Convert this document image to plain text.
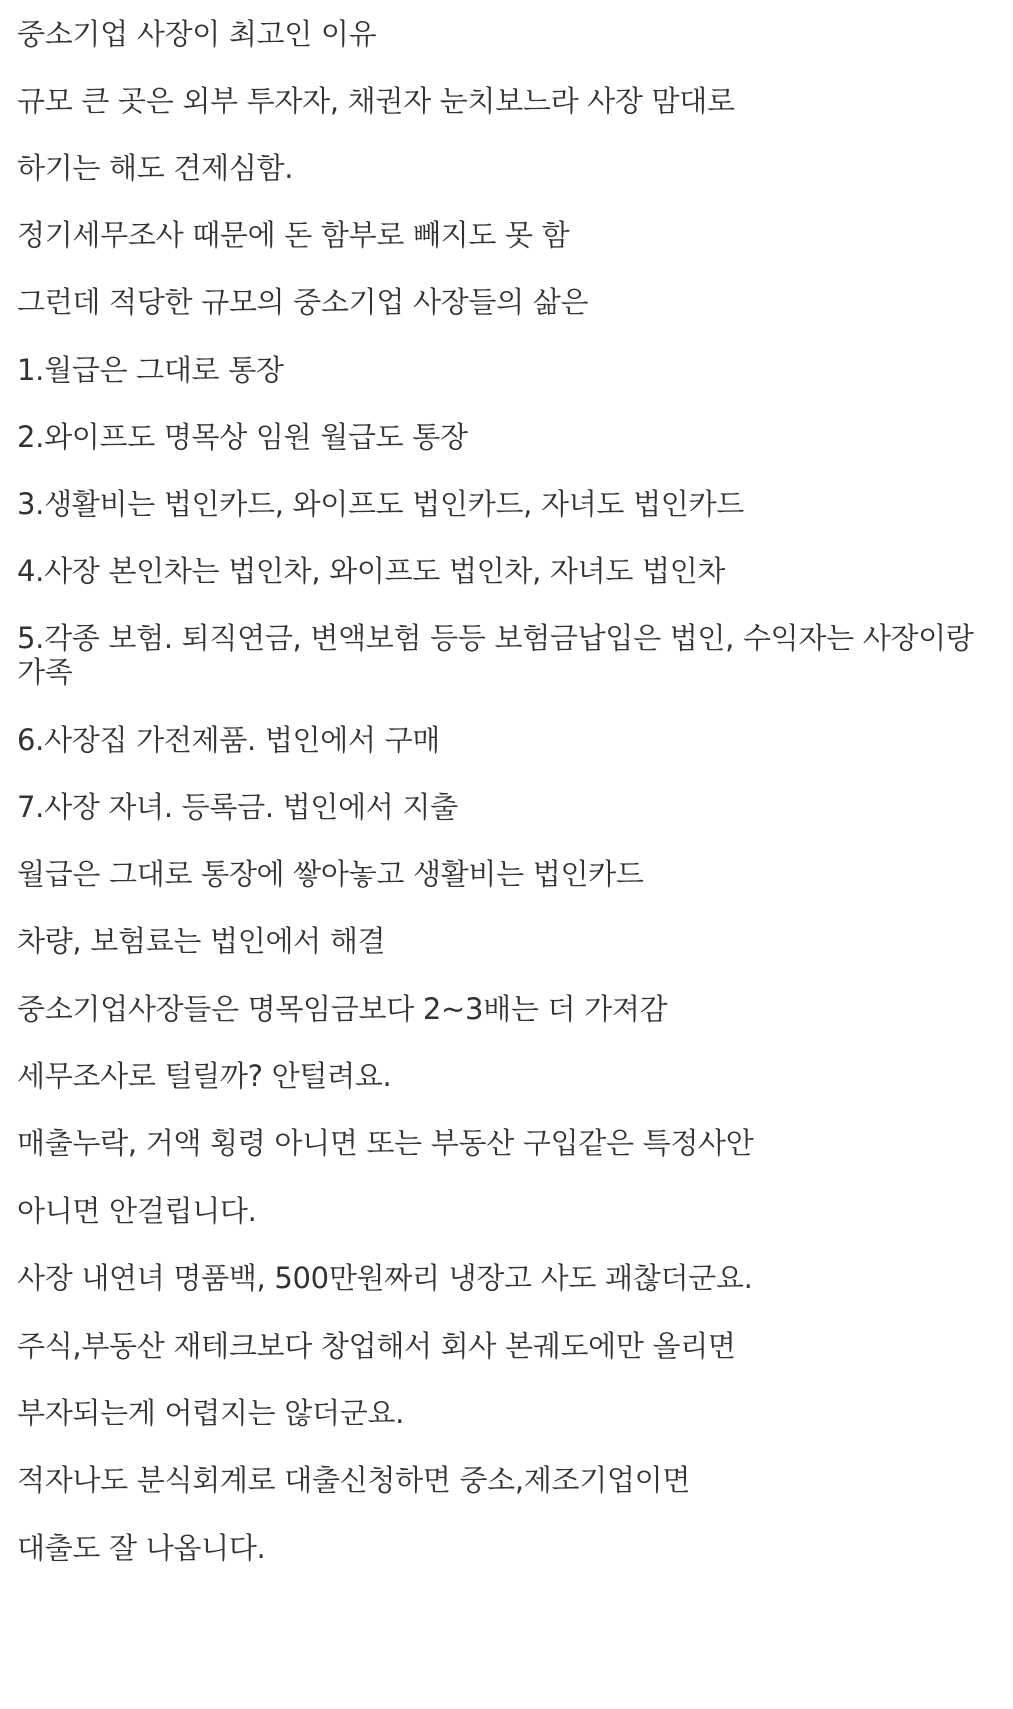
중소기업 사장이 최고인 이유

규모 큰 곳은 외부 투자자, 채권자 눈치보느라 사장 맘대로

하기는 해도 견제심함.

정기세무조사 때문에 돈 함부로 빼지도 못 함

그런데 적당한 규모의 중소기업 사장들의 삶은

1.월급은 그대로 통장

2.와이프도 명목상 임원 월급도 통장

3.생활비는 법인카드, 와이프도 법인카드, 자녀도 법인카드

4.사장 본인차는 법인차, 와이프도 법인차, 자녀도 법인차

5.각종 보험. 퇴직연금, 변액보험 등등 보험금납입은 법인, 수익자는 사장이랑

가족

6.사장집 가전제품. 법인에서 구매

7.사장 자녀. 등록금. 법인에서 지출

월급은 그대로 통장에 쌓아놓고 생활비는 법인카드

차량, 보험료는 법인에서 해결

중소기업사장들은 명목임금보다 2~3배는 더 가져감

세무조사로 털릴까? 안털려요.

매출누락, 거액 횡령 아니면 또는 부동산 구입같은 특정사안

아니면 안걸립니다.

사장 내연녀 명품백, 500만원짜리 냉장고 사도 괘찮더군요.

주식,부동산 재테크보다 창업해서 회사 본궤도에만 올리면

부자되는게 어렵지는 않더군요.

적자나도 분식회계로 대출신청하면 중소,제조기업이면

대출도 잘 나옵니다.
